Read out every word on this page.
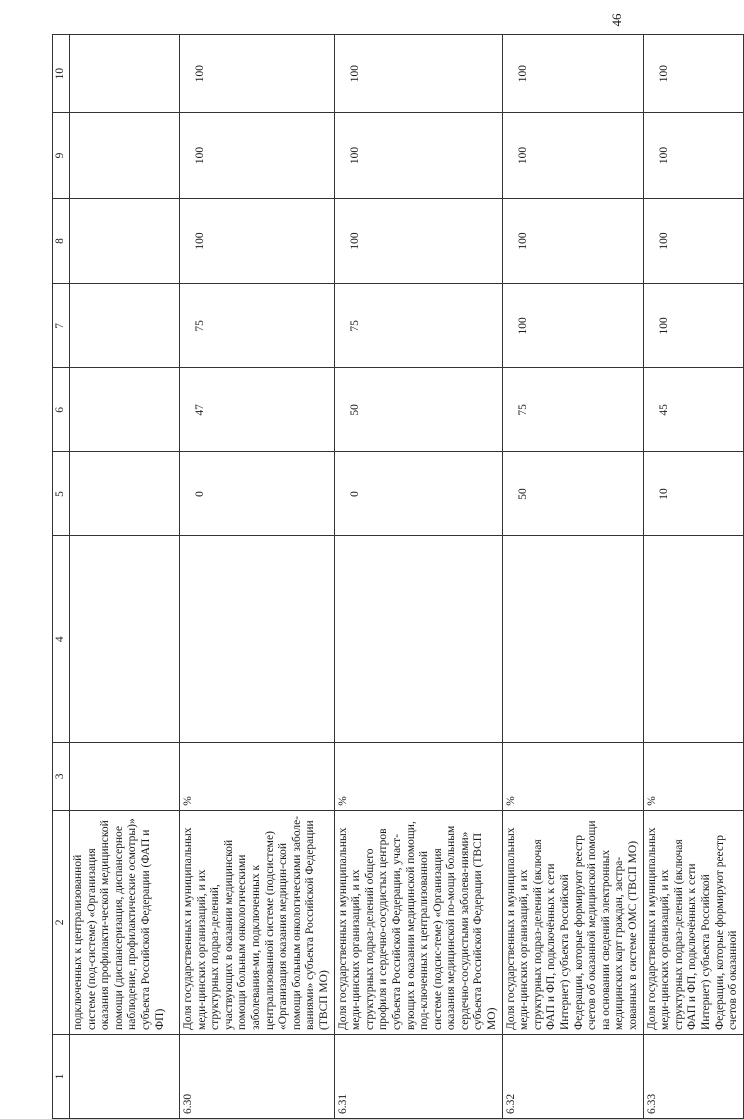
46
1	2	3	4	5	6	7	8	9	10
	подключенных к централизованной системе (под-системе) «Организация оказания профилакти-ческой медицинской помощи (диспансеризация, диспансерное наблюдение, профилактические осмотры)» субъекта Российской Федерации (ФАП и ФП)								
6.30	Доля государственных и муниципальных меди-цинских организаций, и их структурных подраз-делений, участвующих в оказании медицинской помощи больным онкологическими заболевания-ми, подключенных к централизованной системе (подсистеме) «Организация оказания медицин-ской помощи больным онкологическими заболе-ваниями» субъекта Российской Федерации (ТВСП МО)	%		0	47	75	100	100	100
6.31	Доля государственных и муниципальных меди-цинских организаций, и их структурных подраз-делений общего профиля и сердечно-сосудистых центров субъекта Российской Федерации, участ-вующих в оказании медицинской помощи, под-ключенных к централизованной системе (подсис-теме) «Организация оказания медицинской по-мощи больным сердечно-сосудистыми заболева-ниями» субъекта Российской Федерации (ТВСП МО)	%		0	50	75	100	100	100
6.32	Доля государственных и муниципальных меди-цинских организаций, и их структурных подраз-делений (включая ФАП и ФП, подключённых к сети Интернет) субъекта Российской Федерации, которые формируют реестр счетов об оказанной медицинской помощи на основании сведений электронных медицинских карт граждан, застра-хованных в системе ОМС (ТВСП МО)	%		50	75	100	100	100	100
6.33	Доля государственных и муниципальных меди-цинских организаций, и их структурных подраз-делений (включая ФАП и ФП, подключённых к сети Интернет) субъекта Российской Федерации, которые формируют реестр счетов об оказанной	%		10	45	100	100	100	100
